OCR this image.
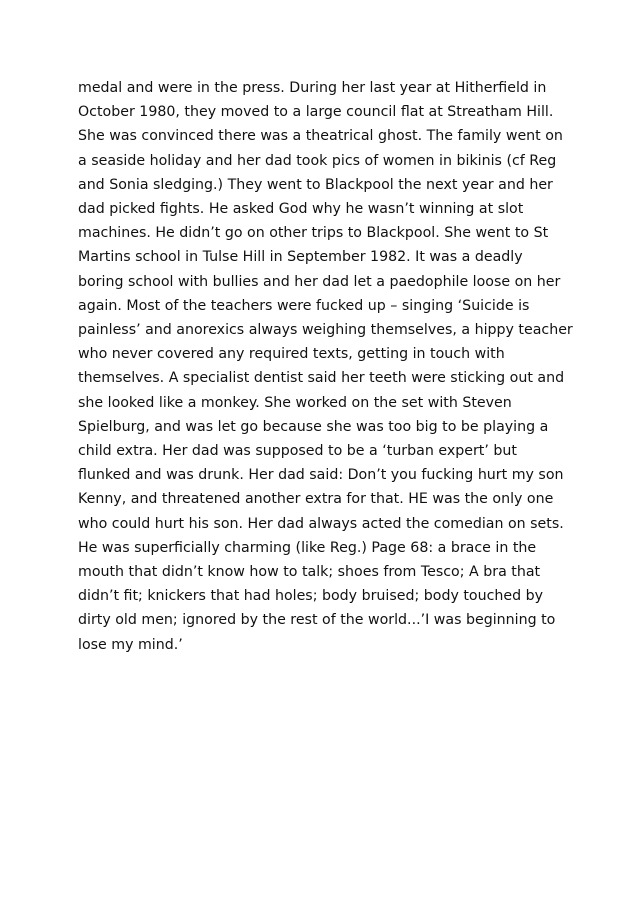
medal and were in the press. During her last year at Hitherfield in
October 1980, they moved to a large council flat at Streatham Hill.
She was convinced there was a theatrical ghost. The family went on
a seaside holiday and her dad took pics of women in bikinis (cf Reg
and Sonia sledging.) They went to Blackpool the next year and her
dad picked fights. He asked God why he wasn’t winning at slot
machines. He didn’t go on other trips to Blackpool. She went to St
Martins school in Tulse Hill in September 1982. It was a deadly
boring school with bullies and her dad let a paedophile loose on her
again. Most of the teachers were fucked up – singing ‘Suicide is
painless’ and anorexics always weighing themselves, a hippy teacher
who never covered any required texts, getting in touch with
themselves. A specialist dentist said her teeth were sticking out and
she looked like a monkey. She worked on the set with Steven
Spielburg, and was let go because she was too big to be playing a
child extra. Her dad was supposed to be a ‘turban expert’ but
flunked and was drunk. Her dad said: Don’t you fucking hurt my son
Kenny, and threatened another extra for that. HE was the only one
who could hurt his son. Her dad always acted the comedian on sets.
He was superficially charming (like Reg.) Page 68: a brace in the
mouth that didn’t know how to talk; shoes from Tesco; A bra that
didn’t fit; knickers that had holes; body bruised; body touched by
dirty old men; ignored by the rest of the world...’I was beginning to
lose my mind.’
